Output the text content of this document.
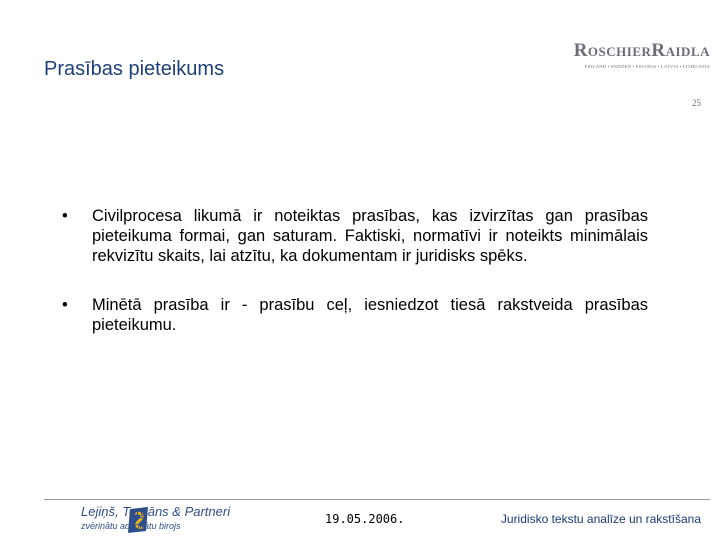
Prasības pieteikums
RoschierRaidla
FINLAND • SWEDEN • ESTONIA • LATVIA • LITHUANIA
25
• Civilprocesa likumā ir noteiktas prasības, kas izvirzītas gan prasības pieteikuma formai, gan saturam. Faktiski, normatīvi ir noteikts minimālais rekvizītu skaits, lai atzītu, ka dokumentam ir juridisks spēks.
• Minētā prasība ir - prasību ceļ, iesniedzot tiesā rakstveida prasības pieteikumu.
Lejiņš, Torgāns & Partneri
zvērinātu advokātu birojs	19.05.2006.	Juridisko tekstu analīze un rakstīšana
